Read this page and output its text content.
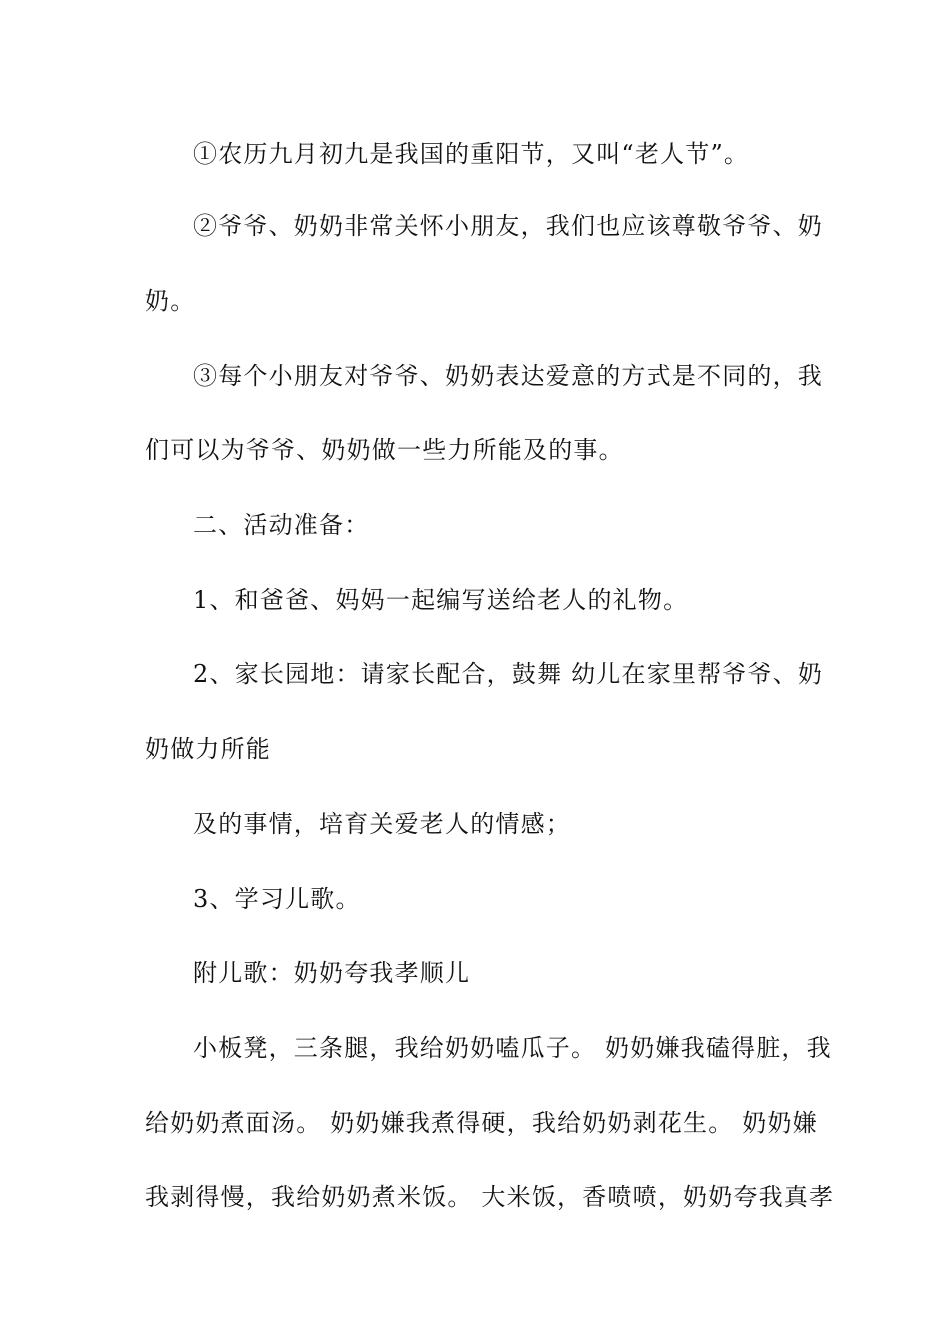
①农历九月初九是我国的重阳节，又叫“老人节”。
②爷爷、奶奶非常关怀小朋友，我们也应该尊敬爷爷、奶
奶。
③每个小朋友对爷爷、奶奶表达爱意的方式是不同的，我
们可以为爷爷、奶奶做一些力所能及的事。
二、活动准备：
1、和爸爸、妈妈一起编写送给老人的礼物。
2、家长园地：请家长配合，鼓舞 幼儿在家里帮爷爷、奶
奶做力所能
及的事情，培育关爱老人的情感；
3、学习儿歌。
附儿歌：奶奶夸我孝顺儿
小板凳，三条腿，我给奶奶嗑瓜子。 奶奶嫌我磕得脏，我
给奶奶煮面汤。 奶奶嫌我煮得硬，我给奶奶剥花生。 奶奶嫌
我剥得慢，我给奶奶煮米饭。 大米饭，香喷喷，奶奶夸我真孝
